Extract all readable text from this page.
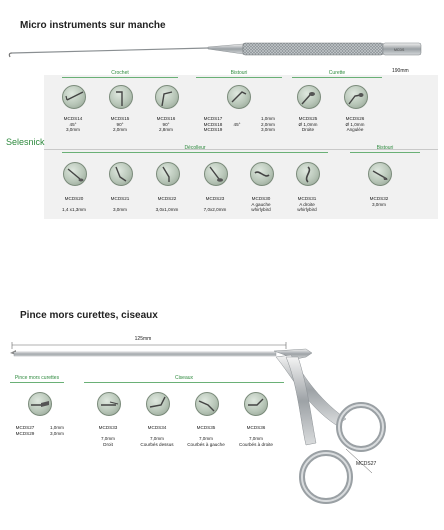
Micro instruments sur manche
MCDS
190mm
Selesnick
Crochet	Bistouri	Curette
MCDS14
45°
3,0mm
MCDS15
90°
2,0mm
MCDS16
90°
2,8mm
MCDS17
MCDS18
MCDS19
45°
1,0mm
2,0mm
3,0mm
MCDS25
Ø 1,0mm
Droite
MCDS26
Ø 1,0mm
Angulée
Décolleur	Bistouri
MCDS20
1,4 x1,3mm
MCDS21
3,0mm
MCDS22
3,0x1,0mm
MCDS23
7,0x2,0mm
MCDS30
A gauche
whirlybird
MCDS31
A droite
whirlybird
MCDS32
3,0mm
Pince mors curettes, ciseaux
125mm
MCDS27
Pince mors curettes	Ciseaux
MCDS27
MCDS29
1,0mm
3,0mm
MCDS33
7,0mm
Droit
MCDS34
7,0mm
Courbés dessus
MCDS35
7,0mm
Courbés à gauche
MCDS36
7,0mm
Courbés à droite
